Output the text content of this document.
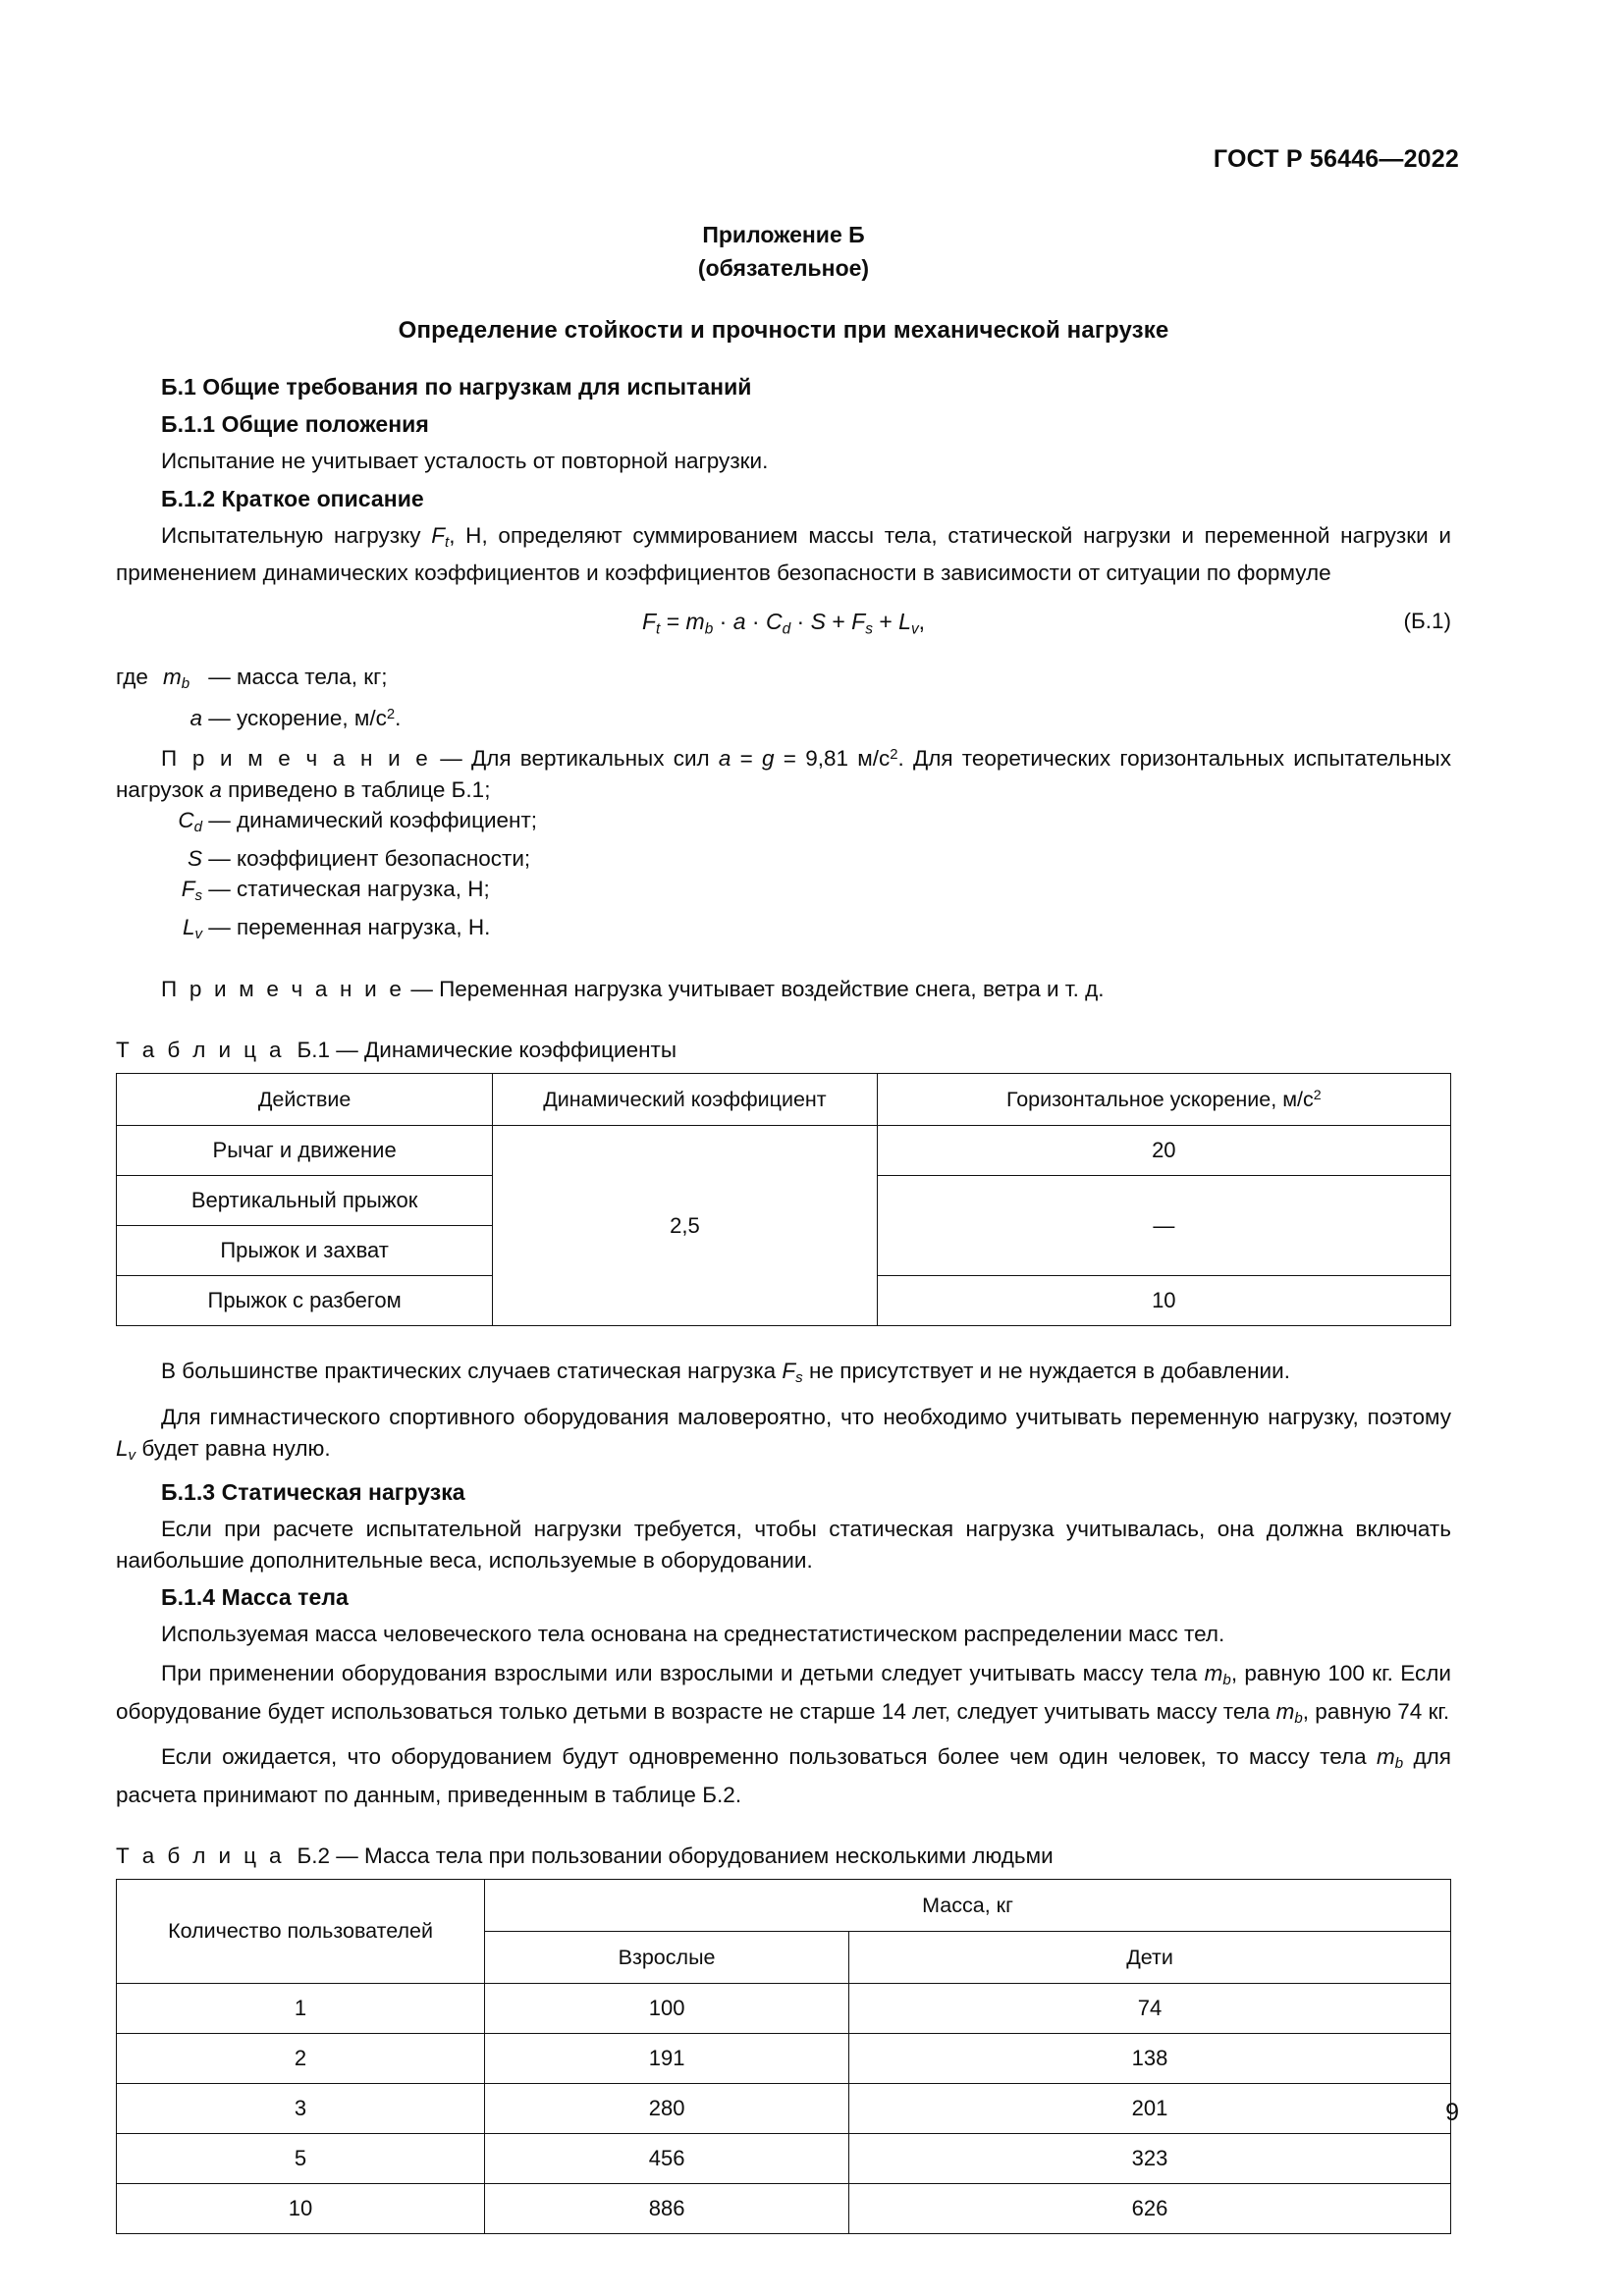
ГОСТ Р 56446—2022
Приложение Б
(обязательное)
Определение стойкости и прочности при механической нагрузке
Б.1 Общие требования по нагрузкам для испытаний
Б.1.1 Общие положения

Испытание не учитывает усталость от повторной нагрузки.

Б.1.2 Краткое описание

Испытательную нагрузку $F_t$, Н, определяют суммированием массы тела, статической нагрузки и переменной нагрузки и применением динамических коэффициентов и коэффициентов безопасности в зависимости от ситуации по формуле

$F_t = m_b \cdot a \cdot C_d \cdot S + F_s + L_v$,	(Б.1)
где $m_b$ — масса тела, кг;
a — ускорение, $м/с^2$.
П р и м е ч а н и е — Для вертикальных сил a = g = 9,81 $м/с^2$. Для теоретических горизонтальных испытательных нагрузок a приведено в таблице Б.1;
$C_d$ — динамический коэффициент;
S — коэффициент безопасности;
$F_s$ — статическая нагрузка, Н;
$L_v$ — переменная нагрузка, Н.
П р и м е ч а н и е — Переменная нагрузка учитывает воздействие снега, ветра и т. д.
Т а б л и ц а Б.1 — Динамические коэффициенты
Действие	Динамический коэффициент	Горизонтальное ускорение, $м/с^2$
Рычаг и движение	2,5	20
Вертикальный прыжок		—
Прыжок и захват		
Прыжок с разбегом		10

В большинстве практических случаев статическая нагрузка $F_s$ не присутствует и не нуждается в добавлении.

Для гимнастического спортивного оборудования маловероятно, что необходимо учитывать переменную нагрузку, поэтому $L_v$ будет равна нулю.

Б.1.3 Статическая нагрузка

Если при расчете испытательной нагрузки требуется, чтобы статическая нагрузка учитывалась, она должна включать наибольшие дополнительные веса, используемые в оборудовании.

Б.1.4 Масса тела

Используемая масса человеческого тела основана на среднестатистическом распределении масс тел.

При применении оборудования взрослыми или взрослыми и детьми следует учитывать массу тела $m_b$, равную 100 кг. Если оборудование будет использоваться только детьми в возрасте не старше 14 лет, следует учитывать массу тела $m_b$, равную 74 кг.

Если ожидается, что оборудованием будут одновременно пользоваться более чем один человек, то массу тела $m_b$ для расчета принимают по данным, приведенным в таблице Б.2.

Т а б л и ц а Б.2 — Масса тела при пользовании оборудованием несколькими людьми
Количество пользователей	Масса, кг	
	Взрослые	Дети
1	100	74
2	191	138
3	280	201
5	456	323
10	886	626
9
